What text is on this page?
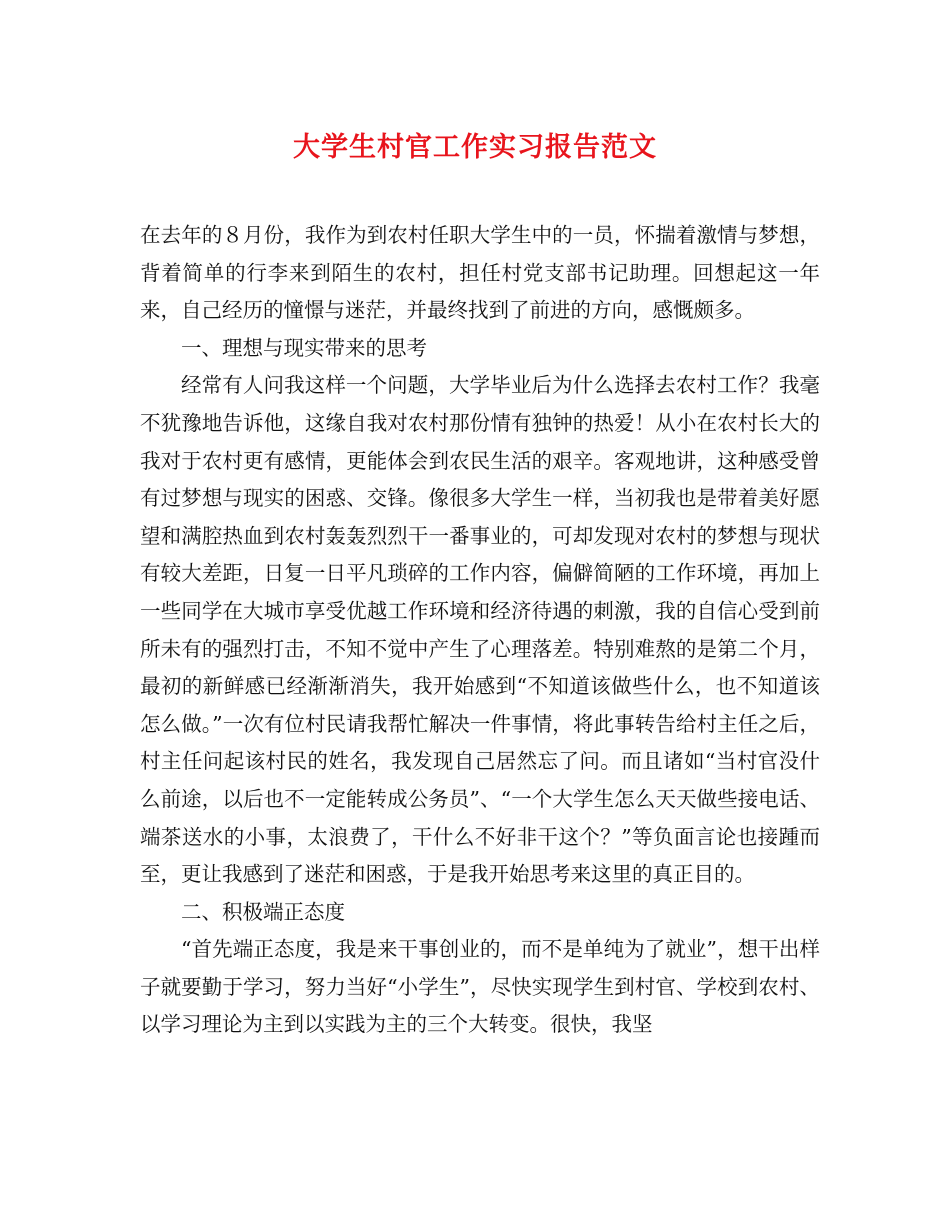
大学生村官工作实习报告范文

在去年的８月份，我作为到农村任职大学生中的一员，怀揣着激情与梦想，背着简单的行李来到陌生的农村，担任村党支部书记助理。回想起这一年来，自己经历的憧憬与迷茫，并最终找到了前进的方向，感慨颇多。

一、理想与现实带来的思考

经常有人问我这样一个问题，大学毕业后为什么选择去农村工作？我毫不犹豫地告诉他，这缘自我对农村那份情有独钟的热爱！从小在农村长大的我对于农村更有感情，更能体会到农民生活的艰辛。客观地讲，这种感受曾有过梦想与现实的困惑、交锋。像很多大学生一样，当初我也是带着美好愿望和满腔热血到农村轰轰烈烈干一番事业的，可却发现对农村的梦想与现状有较大差距，日复一日平凡琐碎的工作内容，偏僻简陋的工作环境，再加上一些同学在大城市享受优越工作环境和经济待遇的刺激，我的自信心受到前所未有的强烈打击，不知不觉中产生了心理落差。特别难熬的是第二个月，最初的新鲜感已经渐渐消失，我开始感到“不知道该做些什么，也不知道该怎么做。”一次有位村民请我帮忙解决一件事情，将此事转告给村主任之后，村主任问起该村民的姓名，我发现自己居然忘了问。而且诸如“当村官没什么前途，以后也不一定能转成公务员”、“一个大学生怎么天天做些接电话、端茶送水的小事，太浪费了，干什么不好非干这个？”等负面言论也接踵而至，更让我感到了迷茫和困惑，于是我开始思考来这里的真正目的。

二、积极端正态度

“首先端正态度，我是来干事创业的，而不是单纯为了就业”，想干出样子就要勤于学习，努力当好“小学生”，尽快实现学生到村官、学校到农村、以学习理论为主到以实践为主的三个大转变。很快，我坚
